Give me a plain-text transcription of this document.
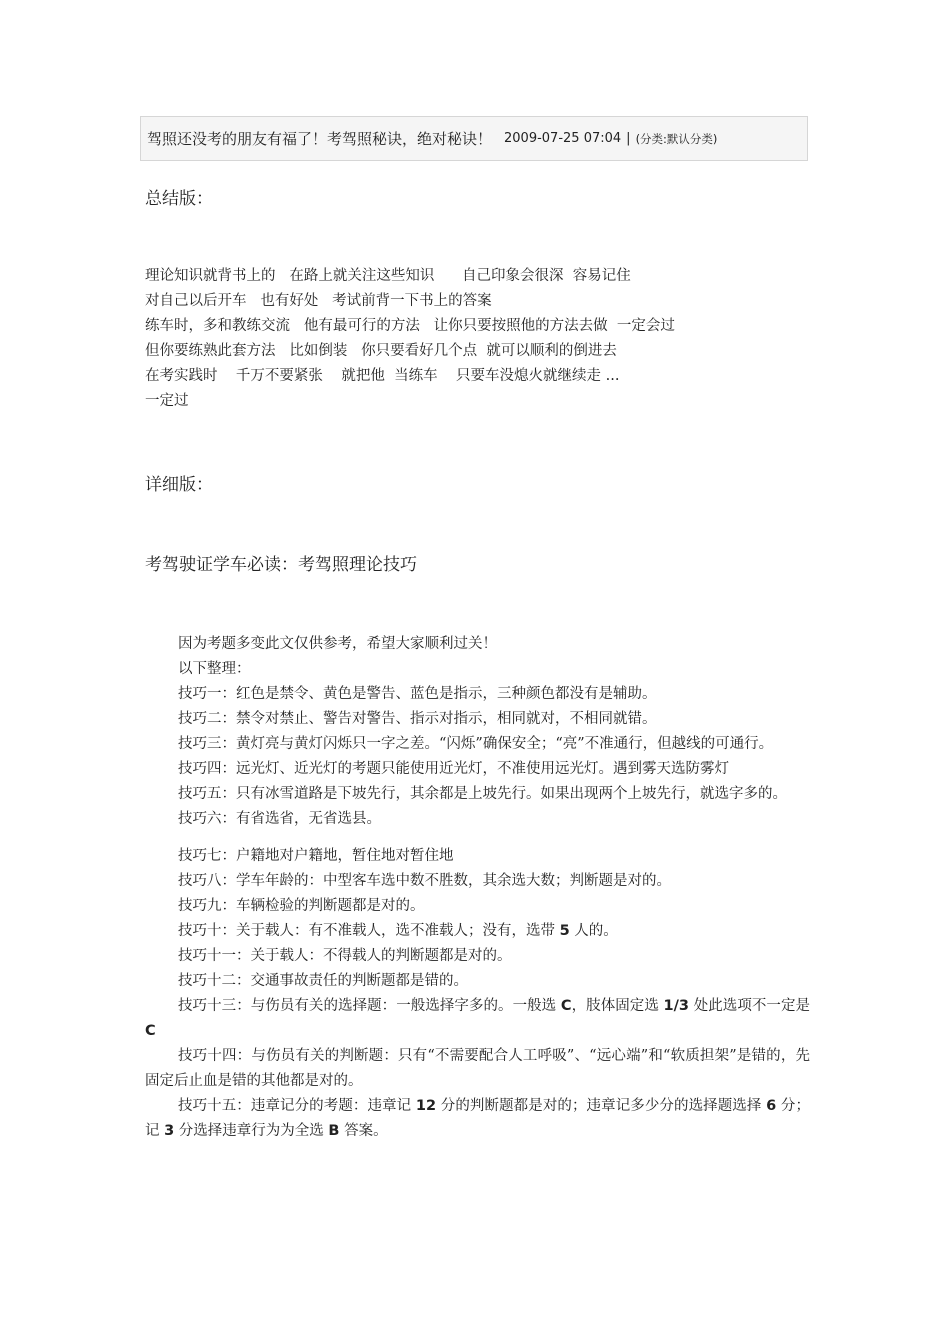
驾照还没考的朋友有福了！考驾照秘诀，绝对秘诀！ 2009-07-25 07:04 | (分类:默认分类)
总结版：
理论知识就背书上的   在路上就关注这些知识      自己印象会很深  容易记住
对自己以后开车   也有好处   考试前背一下书上的答案
练车时，多和教练交流   他有最可行的方法   让你只要按照他的方法去做  一定会过
但你要练熟此套方法   比如倒装   你只要看好几个点  就可以顺利的倒进去
在考实践时    千万不要紧张    就把他  当练车    只要车没熄火就继续走 ...
一定过
详细版：
考驾驶证学车必读：考驾照理论技巧

因为考题多变此文仅供参考，希望大家顺利过关！

以下整理：

技巧一：红色是禁令、黄色是警告、蓝色是指示，三种颜色都没有是辅助。

技巧二：禁令对禁止、警告对警告、指示对指示，相同就对，不相同就错。

技巧三：黄灯亮与黄灯闪烁只一字之差。“闪烁”确保安全；“亮”不准通行，但越线的可通行。

技巧四：远光灯、近光灯的考题只能使用近光灯，不准使用远光灯。遇到雾天选防雾灯

技巧五：只有冰雪道路是下坡先行，其余都是上坡先行。如果出现两个上坡先行，就选字多的。

技巧六：有省选省，无省选县。

技巧七：户籍地对户籍地，暂住地对暂住地

技巧八：学车年龄的：中型客车选中数不胜数，其余选大数；判断题是对的。

技巧九：车辆检验的判断题都是对的。

技巧十：关于载人：有不准载人，选不准载人；没有，选带 5 人的。

技巧十一：关于载人：不得载人的判断题都是对的。

技巧十二：交通事故责任的判断题都是错的。

技巧十三：与伤员有关的选择题：一般选择字多的。一般选 C，肢体固定选 1/3 处此选项不一定是 C

技巧十四：与伤员有关的判断题：只有“不需要配合人工呼吸”、“远心端”和“软质担架”是错的，先固定后止血是错的其他都是对的。

技巧十五：违章记分的考题：违章记 12 分的判断题都是对的；违章记多少分的选择题选择 6 分；记 3 分选择违章行为为全选 B 答案。
